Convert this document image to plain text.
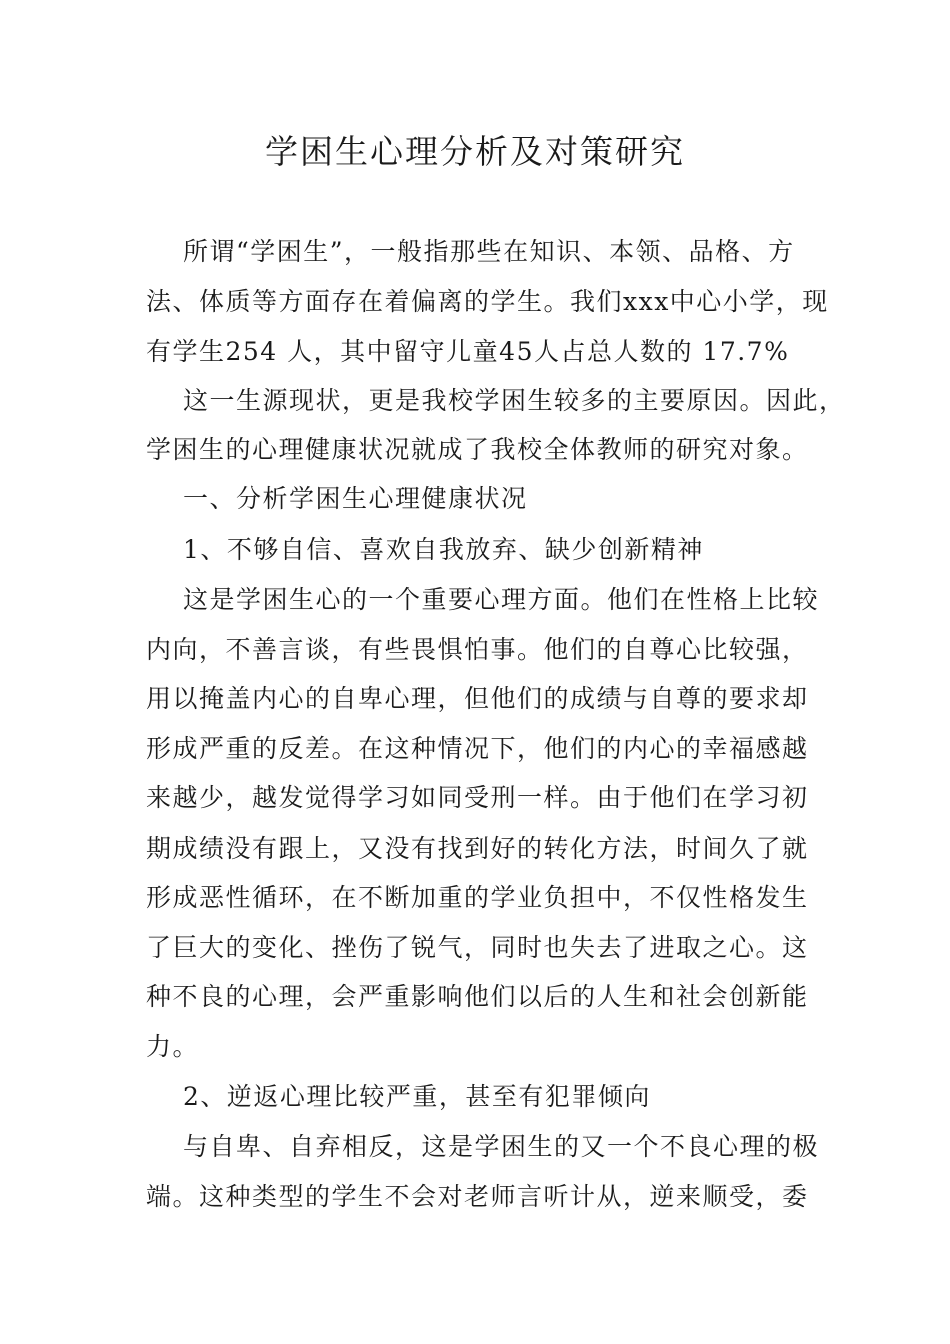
学困生心理分析及对策研究
所谓“学困生”，一般指那些在知识、本领、品格、方
法、体质等方面存在着偏离的学生。我们xxx中心小学，现
有学生254 人，其中留守儿童45人占总人数的 17.7%
这一生源现状，更是我校学困生较多的主要原因。因此，
学困生的心理健康状况就成了我校全体教师的研究对象。
一、分析学困生心理健康状况
1、不够自信、喜欢自我放弃、缺少创新精神
这是学困生心的一个重要心理方面。他们在性格上比较
内向，不善言谈，有些畏惧怕事。他们的自尊心比较强，
用以掩盖内心的自卑心理，但他们的成绩与自尊的要求却
形成严重的反差。在这种情况下，他们的内心的幸福感越
来越少，越发觉得学习如同受刑一样。由于他们在学习初
期成绩没有跟上，又没有找到好的转化方法，时间久了就
形成恶性循环，在不断加重的学业负担中，不仅性格发生
了巨大的变化、挫伤了锐气，同时也失去了进取之心。这
种不良的心理，会严重影响他们以后的人生和社会创新能
力。
2、逆返心理比较严重，甚至有犯罪倾向
与自卑、自弃相反，这是学困生的又一个不良心理的极
端。这种类型的学生不会对老师言听计从，逆来顺受，委
